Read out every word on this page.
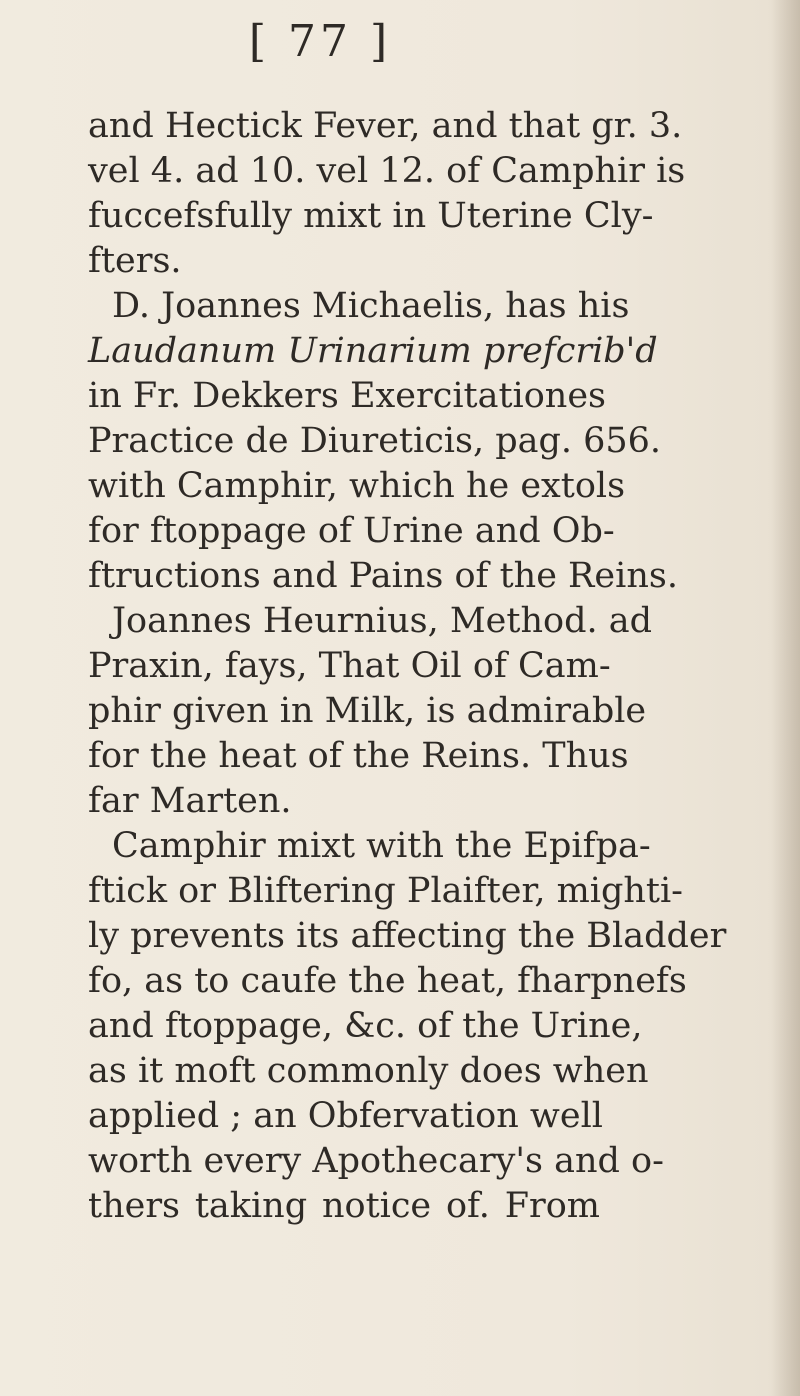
[ 77 ]
and Hectick Fever, and that gr. 3.
vel 4. ad 10. vel 12. of Camphir is
fuccefsfully mixt in Uterine Cly-
fters.
D. Joannes Michaelis, has his
Laudanum Urinarium prefcrib'd
in Fr. Dekkers Exercitationes
Practice de Diureticis, pag. 656.
with Camphir, which he extols
for ftoppage of Urine and Ob-
ftructions and Pains of the Reins.
Joannes Heurnius, Method. ad
Praxin, fays, That Oil of Cam-
phir given in Milk, is admirable
for the heat of the Reins. Thus
far Marten.
Camphir mixt with the Epifpa-
ftick or Bliftering Plaifter, mighti-
ly prevents its affecting the Bladder
fo, as to caufe the heat, fharpnefs
and ftoppage, &c. of the Urine,
as it moft commonly does when
applied ; an Obfervation well
worth every Apothecary's and o-
thers taking notice of. From
